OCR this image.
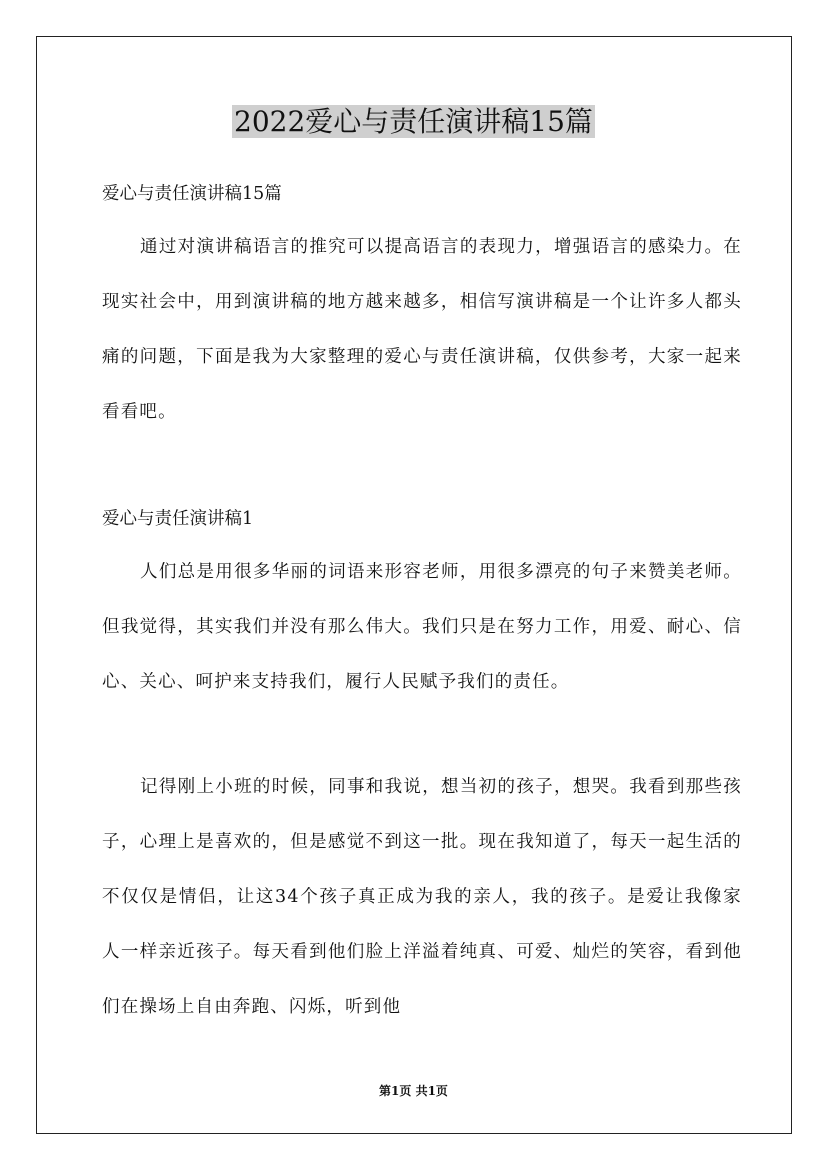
2022爱心与责任演讲稿15篇

爱心与责任演讲稿15篇

通过对演讲稿语言的推究可以提高语言的表现力，增强语言的感染力。在现实社会中，用到演讲稿的地方越来越多，相信写演讲稿是一个让许多人都头痛的问题，下面是我为大家整理的爱心与责任演讲稿，仅供参考，大家一起来看看吧。

爱心与责任演讲稿1

人们总是用很多华丽的词语来形容老师，用很多漂亮的句子来赞美老师。但我觉得，其实我们并没有那么伟大。我们只是在努力工作，用爱、耐心、信心、关心、呵护来支持我们，履行人民赋予我们的责任。

记得刚上小班的时候，同事和我说，想当初的孩子，想哭。我看到那些孩子，心理上是喜欢的，但是感觉不到这一批。现在我知道了，每天一起生活的不仅仅是情侣，让这34个孩子真正成为我的亲人，我的孩子。是爱让我像家人一样亲近孩子。每天看到他们脸上洋溢着纯真、可爱、灿烂的笑容，看到他们在操场上自由奔跑、闪烁，听到他

第1页 共1页
